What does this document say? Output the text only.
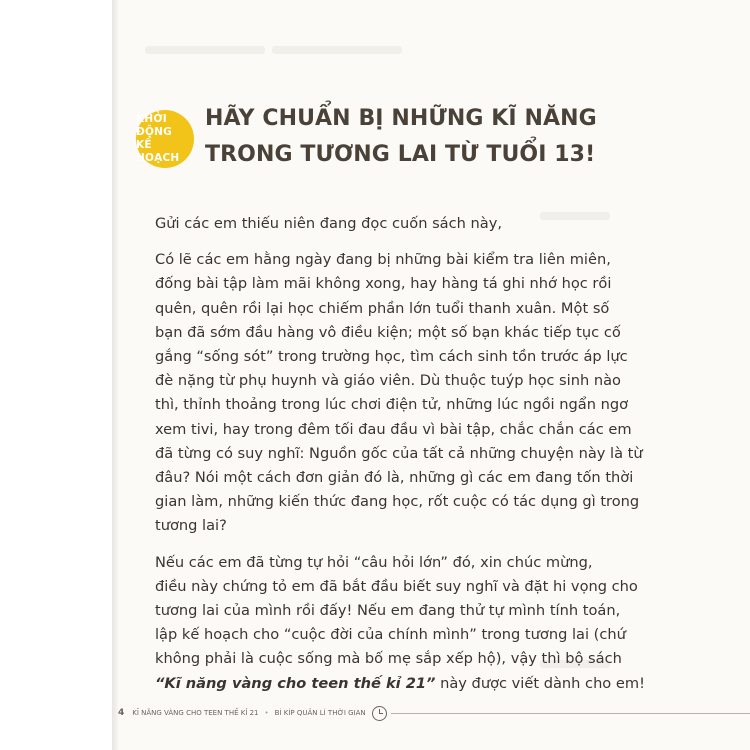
KHỞI ĐỘNG
KẾ HOẠCH
HÃY CHUẨN BỊ NHỮNG KĨ NĂNG
TRONG TƯƠNG LAI TỪ TUỔI 13!

Gửi các em thiếu niên đang đọc cuốn sách này,

Có lẽ các em hằng ngày đang bị những bài kiểm tra liên miên,
đống bài tập làm mãi không xong, hay hàng tá ghi nhớ học rồi
quên, quên rồi lại học chiếm phần lớn tuổi thanh xuân. Một số
bạn đã sớm đầu hàng vô điều kiện; một số bạn khác tiếp tục cố
gắng “sống sót” trong trường học, tìm cách sinh tồn trước áp lực
đè nặng từ phụ huynh và giáo viên. Dù thuộc tuýp học sinh nào
thì, thỉnh thoảng trong lúc chơi điện tử, những lúc ngồi ngẩn ngơ
xem tivi, hay trong đêm tối đau đầu vì bài tập, chắc chắn các em
đã từng có suy nghĩ: Nguồn gốc của tất cả những chuyện này là từ
đâu? Nói một cách đơn giản đó là, những gì các em đang tốn thời
gian làm, những kiến thức đang học, rốt cuộc có tác dụng gì trong
tương lai?

Nếu các em đã từng tự hỏi “câu hỏi lớn” đó, xin chúc mừng,
điều này chứng tỏ em đã bắt đầu biết suy nghĩ và đặt hi vọng cho
tương lai của mình rồi đấy! Nếu em đang thử tự mình tính toán,
lập kế hoạch cho “cuộc đời của chính mình” trong tương lai (chứ
không phải là cuộc sống mà bố mẹ sắp xếp hộ), vậy thì bộ sách
“Kĩ năng vàng cho teen thế kỉ 21” này được viết dành cho em!

4 KĨ NĂNG VÀNG CHO TEEN THẾ KỈ 21 • BÍ KÍP QUẢN LÍ THỜI GIAN
